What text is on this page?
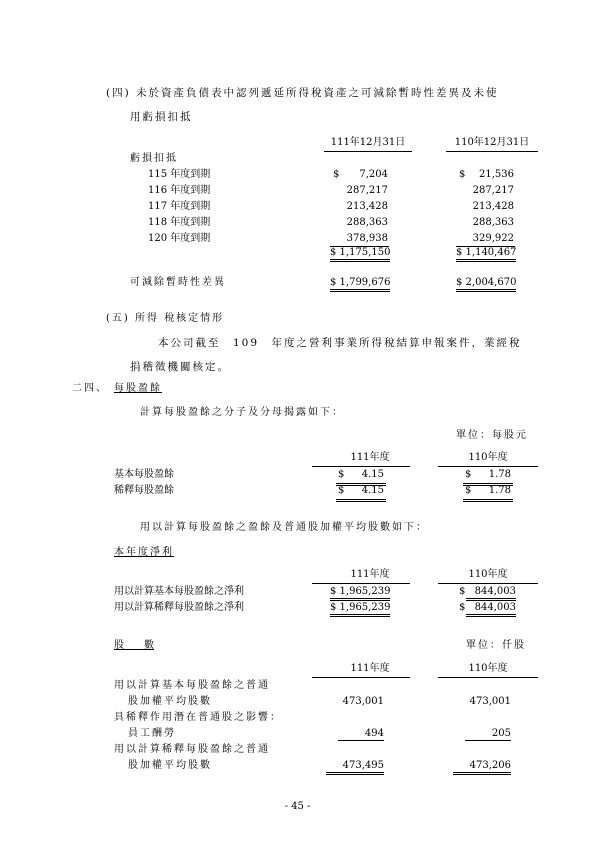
(四) 未於資產負債表中認列遞延所得稅資產之可減除暫時性差異及未使
用虧損扣抵
111年12月31日	110年12月31日
虧損扣抵
115 年度到期	$	7,204	$	21,536
116 年度到期	287,217	287,217
117 年度到期	213,428	213,428
118 年度到期	288,363	288,363
120 年度到期	378,938	329,922
$ 1,175,150	$ 1,140,467
可減除暫時性差異	$ 1,799,676	$ 2,004,670
(五) 所得 稅核定情形
本公司截至　109　年度之營利事業所得稅結算申報案件，業經稅
捐稽徵機關核定。
二四、 每股盈餘
計算每股盈餘之分子及分母揭露如下：
單位：每股元
111年度	110年度
基本每股盈餘	$	4.15	$	1.78
稀釋每股盈餘	$	4.15	$	1.78
用以計算每股盈餘之盈餘及普通股加權平均股數如下：
本年度淨利
111年度	110年度
用以計算基本每股盈餘之淨利	$ 1,965,239	$ 844,003
用以計算稀釋每股盈餘之淨利	$ 1,965,239	$ 844,003
股　　數	單位：仟股
111年度	110年度
用以計算基本每股盈餘之普通
股加權平均股數	473,001	473,001
具稀釋作用潛在普通股之影響：
員工酬勞	494	205
用以計算稀釋每股盈餘之普通
股加權平均股數	473,495	473,206
- 45 -
